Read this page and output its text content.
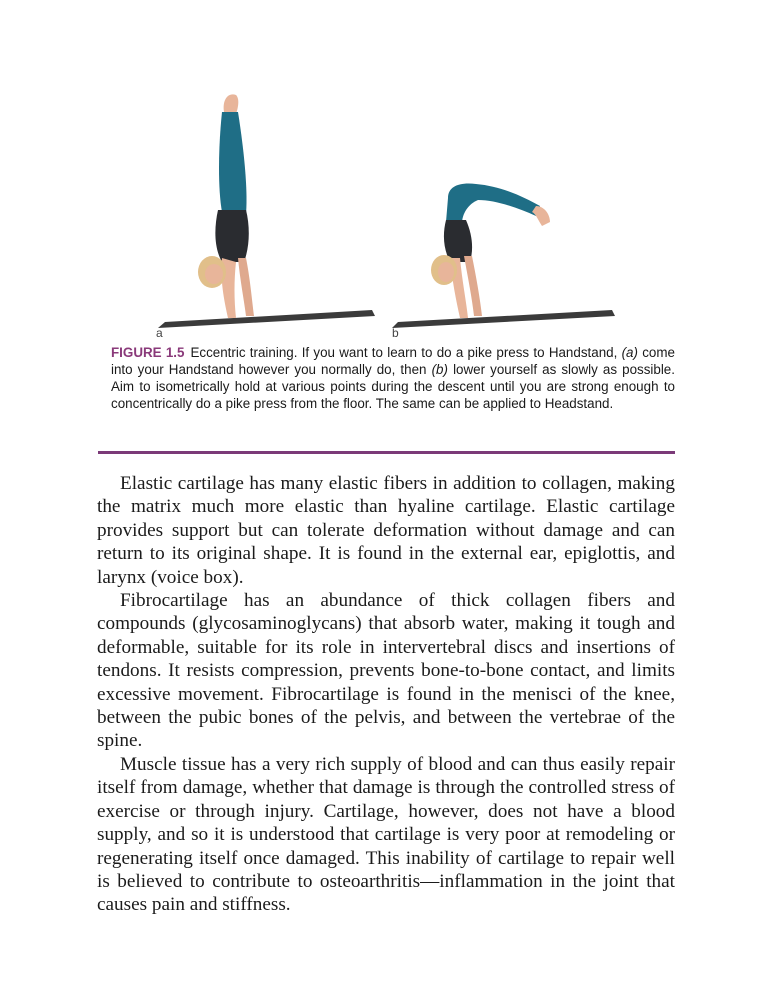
a	b
FIGURE 1.5 Eccentric training. If you want to learn to do a pike press to Handstand, (a) come into your Handstand however you normally do, then (b) lower yourself as slowly as possible. Aim to isometrically hold at various points during the descent until you are strong enough to concentrically do a pike press from the floor. The same can be applied to Headstand.

Elastic cartilage has many elastic fibers in addition to collagen, making the matrix much more elastic than hyaline cartilage. Elastic cartilage provides support but can tolerate deformation without damage and can return to its original shape. It is found in the external ear, epiglottis, and larynx (voice box).

Fibrocartilage has an abundance of thick collagen fibers and compounds (glycosaminoglycans) that absorb water, making it tough and deformable, suitable for its role in intervertebral discs and insertions of tendons. It resists compression, prevents bone-to-bone contact, and limits excessive movement. Fibrocartilage is found in the menisci of the knee, between the pubic bones of the pelvis, and between the vertebrae of the spine.

Muscle tissue has a very rich supply of blood and can thus easily repair itself from damage, whether that damage is through the controlled stress of exercise or through injury. Cartilage, however, does not have a blood supply, and so it is understood that cartilage is very poor at remodeling or regenerating itself once damaged. This inability of cartilage to repair well is believed to contribute to osteoarthritis—inflammation in the joint that causes pain and stiffness.
